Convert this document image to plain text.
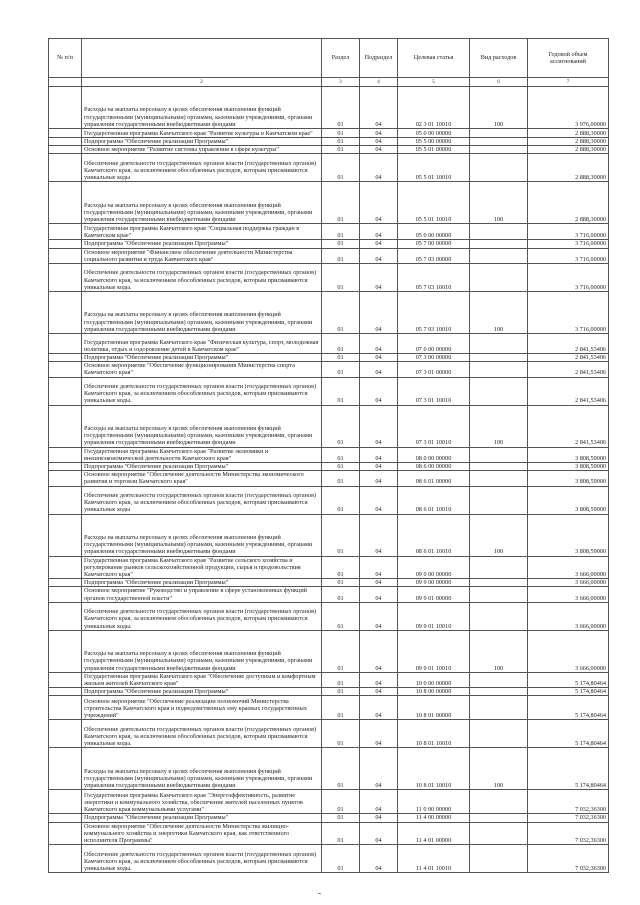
№ п/п		Раздел	Подраздел	Целевая статья	Вид расходов	Годовой объем ассигнований
	2	3	4	5	6	7
	Расходы на выплаты персоналу в целях обеспечения выполнения функций государственными (муниципальными) органами, казенными учреждениями, органами управления государственными внебюджетными фондами	01	04	02 3 01 10010	100	3 976,00000
	Государственная программа Камчатского края "Развитие культуры в Камчатском крае"	01	04	05 0 00 00000		2 888,30000
	Подпрограмма "Обеспечение реализации Программы"	01	04	05 5 00 00000		2 888,30000
	Основное мероприятие "Развитие системы управления в сфере культуры"	01	04	05 5 01 00000		2 888,30000
	Обеспечение деятельности государственных органов власти (государственных органов) Камчатского края, за исключением обособленных расходов, которым присваиваются уникальные коды	01	04	05 5 01 10010		2 888,30000
	Расходы на выплаты персоналу в целях обеспечения выполнения функций государственными (муниципальными) органами, казенными учреждениями, органами управления государственными внебюджетными фондами	01	04	05 5 01 10010	100	2 888,30000
	Государственная программа Камчатского края "Социальная поддержка граждан в Камчатском крае"	01	04	05 0 00 00000		3 716,00000
	Подпрограмма "Обеспечение реализации Программы"	01	04	05 7 00 00000		3 716,00000
	Основное мероприятие "Финансовое обеспечение деятельности Министерства социального развития и труда Камчатского края"	01	04	05 7 03 00000		3 716,00000
	Обеспечение деятельности государственных органов власти (государственных органов) Камчатского края, за исключением обособленных расходов, которым присваиваются уникальные коды.	01	04	05 7 03 10010		3 716,00000
	Расходы на выплаты персоналу в целях обеспечения выполнения функций государственными (муниципальными) органами, казенными учреждениями, органами управления государственными внебюджетными фондами	01	04	05 7 03 10010	100	3 716,00000
	Государственная программа Камчатского края "Физическая культура, спорт, молодежная политика, отдых и оздоровление детей в Камчатском крае"	01	04	07 0 00 00000		2 841,53406
	Подпрограмма "Обеспечение реализации Программы"	01	04	07 3 00 00000		2 841,53406
	Основное мероприятие "Обеспечение функционирования Министерства спорта Камчатского края"	01	04	07 3 01 00000		2 841,53406
	Обеспечение деятельности государственных органов власти (государственных органов) Камчатского края, за исключением обособленных расходов, которым присваиваются уникальные коды.	01	04	07 3 01 10010		2 841,53406
	Расходы на выплаты персоналу в целях обеспечения выполнения функций государственными (муниципальными) органами, казенными учреждениями, органами управления государственными внебюджетными фондами	01	04	07 3 01 10010	100	2 841,53406
	Государственная программа Камчатского края "Развитие экономики и внешнеэкономической деятельности Камчатского края"	01	04	08 0 00 00000		3 808,59000
	Подпрограмма "Обеспечение реализации Программы"	01	04	08 6 00 00000		3 808,59000
	Основное мероприятие "Обеспечение деятельности Министерства экономического развития и торговли Камчатского края"	01	04	08 6 01 00000		3 808,59000
	Обеспечение деятельности государственных органов власти (государственных органов) Камчатского края, за исключением обособленных расходов, которым присваиваются уникальные коды	01	04	08 6 01 10010		3 808,59000
	Расходы на выплаты персоналу в целях обеспечения выполнения функций государственными (муниципальными) органами, казенными учреждениями, органами управления государственными внебюджетными фондами	01	04	08 6 01 10010	100	3 808,59000
	Государственная программа Камчатского края "Развитие сельского хозяйства и регулирование рынков сельскохозяйственной продукции, сырья и продовольствия Камчатского края"	01	04	09 0 00 00000		3 666,00000
	Подпрограмма "Обеспечение реализации Программы"	01	04	09 9 00 00000		3 666,00000
	Основное мероприятие "Руководство и управление в сфере установленных функций органов государственной власти"	01	04	09 9 01 00000		3 666,00000
	Обеспечение деятельности государственных органов власти (государственных органов) Камчатского края, за исключением обособленных расходов, которым присваиваются уникальные коды.	01	04	09 9 01 10010		3 666,00000
	Расходы на выплаты персоналу в целях обеспечения выполнения функций государственными (муниципальными) органами, казенными учреждениями, органами управления государственными внебюджетными фондами	01	04	09 9 01 10010	100	3 666,00000
	Государственная программа Камчатского края "Обеспечение доступным и комфортным жильем жителей Камчатского края"	01	04	10 0 00 00000		5 174,80464
	Подпрограмма "Обеспечение реализации Программы"	01	04	10 8 00 00000		5 174,80464
	Основное мероприятие "Обеспечение реализации полномочий Министерства строительства Камчатского края и подведомственных ему краевых государственных учреждений"	01	04	10 8 01 00000		5 174,80464
	Обеспечение деятельности государственных органов власти (государственных органов) Камчатского края, за исключением обособленных расходов, которым присваиваются уникальные коды.	01	04	10 8 01 10010		5 174,80464
	Расходы на выплаты персоналу в целях обеспечения выполнения функций государственными (муниципальными) органами, казенными учреждениями, органами управления государственными внебюджетными фондами	01	04	10 8 01 10010	100	5 174,80464
	Государственная программа Камчатского края "Энергоэффективность, развитие энергетики и коммунального хозяйства, обеспечение жителей населенных пунктов Камчатского края коммунальными услугами"	01	04	11 0 00 00000		7 032,36300
	Подпрограмма "Обеспечение реализации Программы"	01	04	11 4 00 00000		7 032,36300
	Основное мероприятие "Обеспечение деятельности Министерства жилищно-коммунального хозяйства и энергетики Камчатского края, как ответственного исполнителя Программы"	01	04	11 4 01 00000		7 032,36300
	Обеспечение деятельности государственных органов власти (государственных органов) Камчатского края, за исключением обособленных расходов, которым присваиваются уникальные коды.	01	04	11 4 01 10010		7 032,36300
